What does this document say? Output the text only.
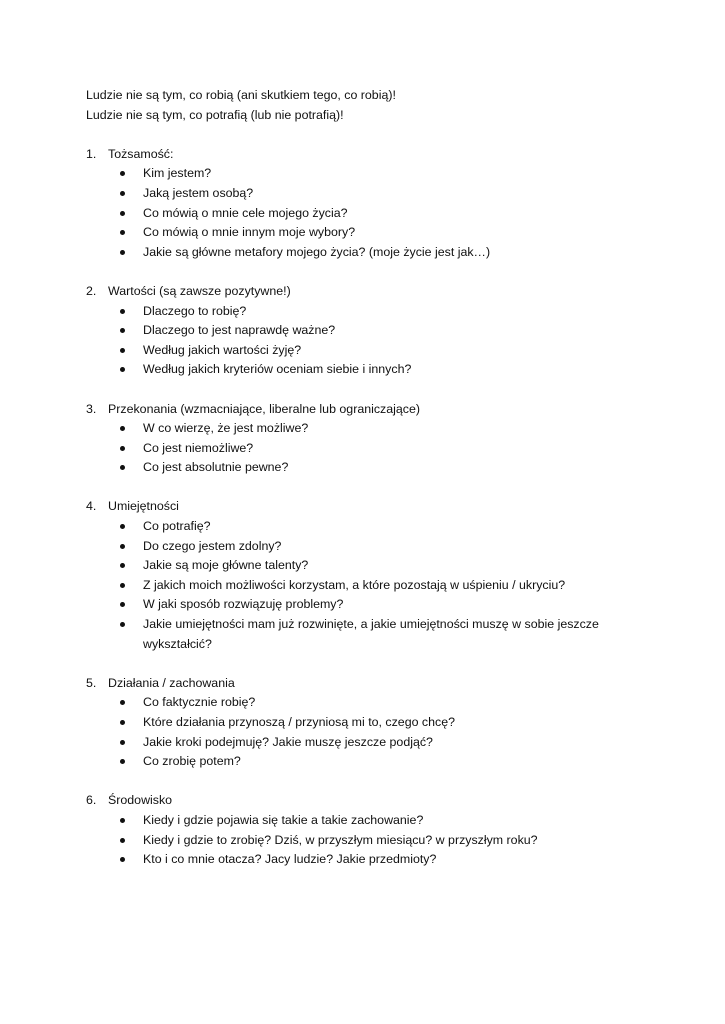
Ludzie nie są tym, co robią (ani skutkiem tego, co robią)!
Ludzie nie są tym, co potrafią (lub nie potrafią)!
1. Tożsamość:
Kim jestem?
Jaką jestem osobą?
Co mówią o mnie cele mojego życia?
Co mówią o mnie innym moje wybory?
Jakie są główne metafory mojego życia? (moje życie jest jak…)
2. Wartości (są zawsze pozytywne!)
Dlaczego to robię?
Dlaczego to jest naprawdę ważne?
Według jakich wartości żyję?
Według jakich kryteriów oceniam siebie i innych?
3. Przekonania (wzmacniające, liberalne lub ograniczające)
W co wierzę, że jest możliwe?
Co jest niemożliwe?
Co jest absolutnie pewne?
4. Umiejętności
Co potrafię?
Do czego jestem zdolny?
Jakie są moje główne talenty?
Z jakich moich możliwości korzystam, a które pozostają w uśpieniu / ukryciu?
W jaki sposób rozwiązuję problemy?
Jakie umiejętności mam już rozwinięte, a jakie umiejętności muszę w sobie jeszcze wykształcić?
5. Działania / zachowania
Co faktycznie robię?
Które działania przynoszą / przyniosą mi to, czego chcę?
Jakie kroki podejmuję? Jakie muszę jeszcze podjąć?
Co zrobię potem?
6. Środowisko
Kiedy i gdzie pojawia się takie a takie zachowanie?
Kiedy i gdzie to zrobię? Dziś, w przyszłym miesiącu? w przyszłym roku?
Kto i co mnie otacza? Jacy ludzie? Jakie przedmioty?
